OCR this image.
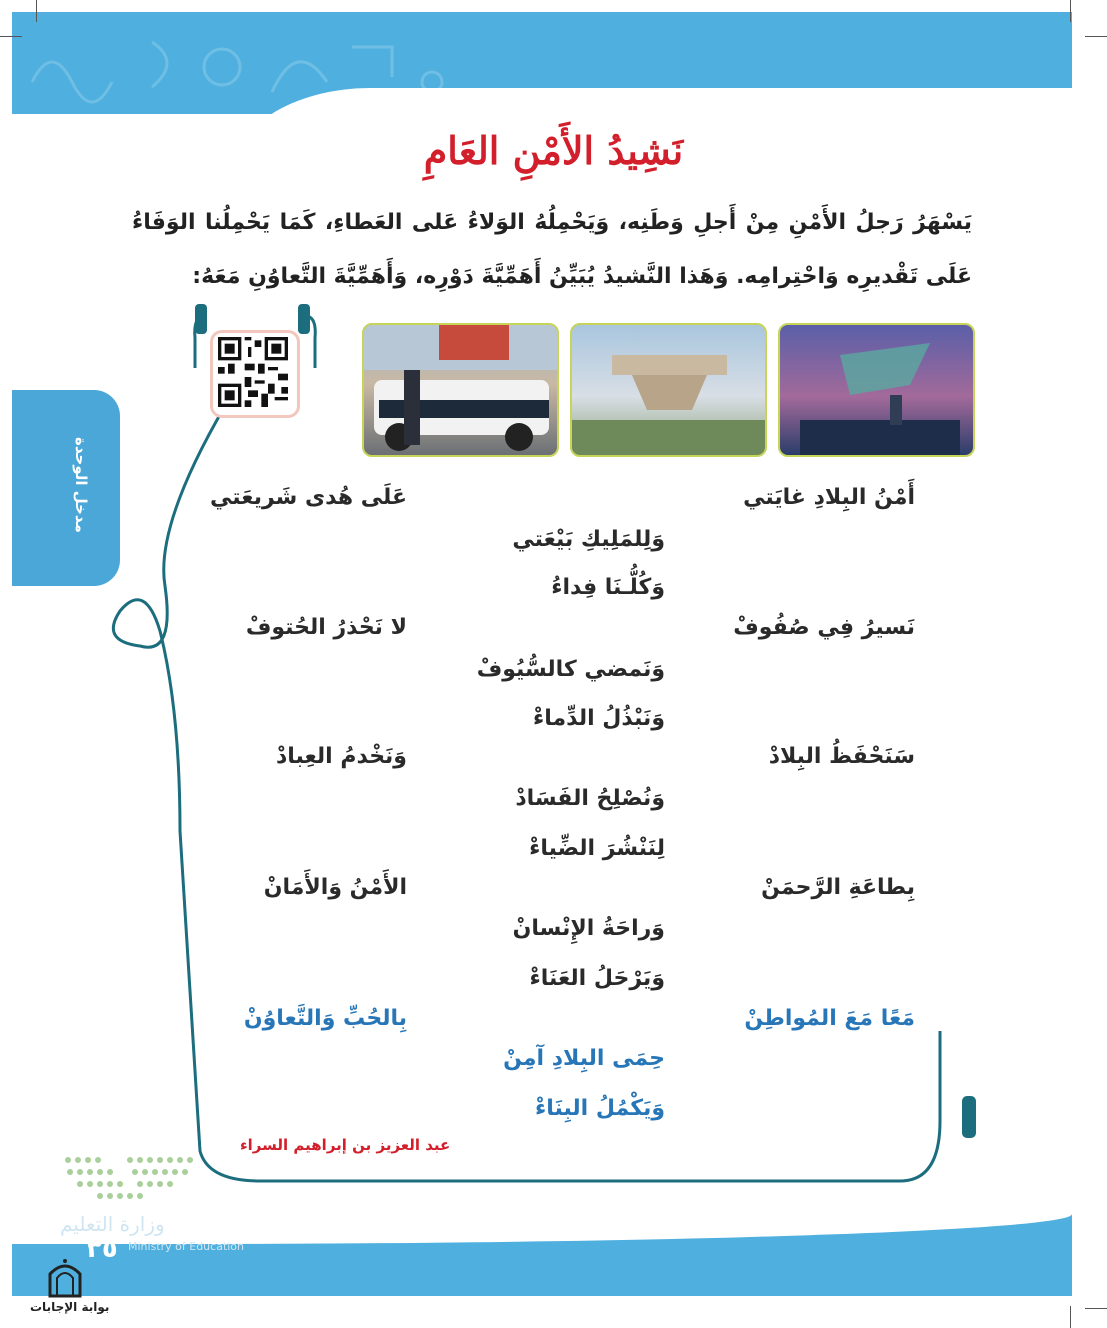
نَشِيدُ الأَمْنِ العَامِ
يَسْهَرُ رَجلُ الأَمْنِ مِنْ أَجلِ وَطَنِه، وَيَحْمِلُهُ الوَلاءُ عَلى العَطاءِ، كَمَا يَحْمِلُنا الوَفَاءُ عَلَى تَقْديرِه وَاحْتِرامِه. وَهَذا النَّشيدُ يُبَيِّنُ أَهَمِّيَّةَ دَوْرِه، وَأَهَمِّيَّةَ التَّعاوُنِ مَعَهُ:
مدخل الوحدة	أَمْنُ البِلادِ غايَتي
عَلَى هُدى شَريعَتي
وَلِلمَلِيكِ بَيْعَتي
وَكُلُّـنَا فِداءُ
نَسيرُ فِي صُفُوفْ
لا نَحْذرُ الحُتوفْ
وَنَمضي كالسُّيُوفْ
وَنَبْذُلُ الدِّماءْ
سَنَحْفَظُ البِلادْ
وَنَخْدمُ العِبادْ
وَنُصْلِحُ الفَسَادْ
لِنَنْشُرَ الضِّياءْ
بِطاعَةِ الرَّحمَنْ
الأَمْنُ وَالأَمَانْ
وَراحَةُ الإِنْسانْ
وَيَرْحَلُ العَنَاءْ
مَعًا مَعَ المُواطِنْ
بِالحُبِّ وَالتَّعاوُنْ
حِمَى البِلادِ آمِنْ
وَيَكْمُلُ البِنَاءْ
عبد العزيز بن إبراهيم السراء
وزارة التعليم
Ministry of Education
٣٥
بوابة الإجابات
